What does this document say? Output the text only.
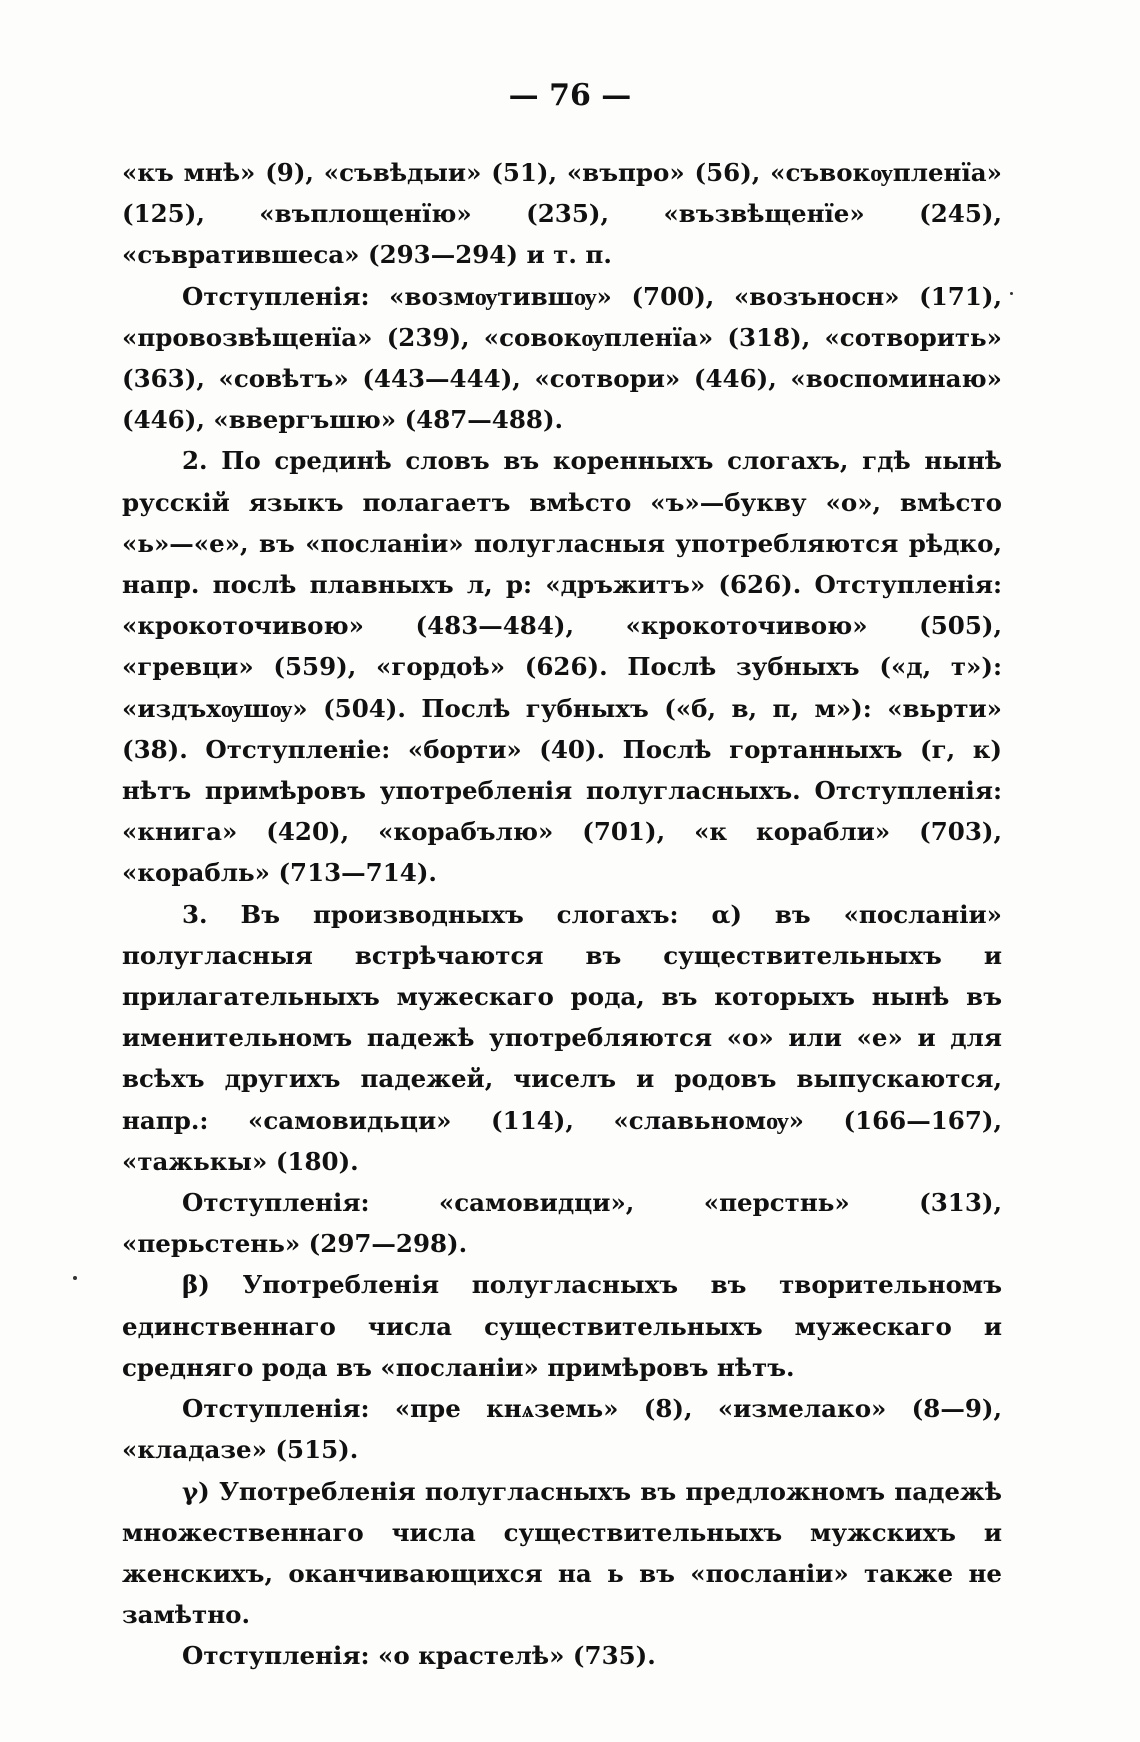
— 76 —

«къ мнѣ» (9), «съвѣдыи» (51), «въпро» (56), «съвокѹпленїа» (125), «въплощенїю» (235), «възвѣщенїе» (245), «съвратившеса» (293—294) и т. п.

Отступленія: «возмѹтившѹ» (700), «возъносн» (171), «провозвѣщенїа» (239), «совокѹпленїа» (318), «сотворить» (363), «совѣтъ» (443—444), «сотвори» (446), «воспоминаю» (446), «ввергъшю» (487—488).

2. По срединѣ словъ въ коренныхъ слогахъ, гдѣ нынѣ русскій языкъ полагаетъ вмѣсто «ъ»—букву «о», вмѣсто «ь»—«е», въ «посланіи» полугласныя употребляются рѣдко, напр. послѣ плавныхъ л, р: «дръжитъ» (626). Отступленія: «крокоточивою» (483—484), «крокоточивою» (505), «гревци» (559), «гордоѣ» (626). Послѣ зубныхъ («д, т»): «издъхѹшѹ» (504). Послѣ губныхъ («б, в, п, м»): «вьрти» (38). Отступленіе: «борти» (40). Послѣ гортанныхъ (г, к) нѣтъ примѣровъ употребленія полугласныхъ. Отступленія: «книга» (420), «корабълю» (701), «к корабли» (703), «корабль» (713—714).

3. Въ производныхъ слогахъ: α) въ «посланіи» полугласныя встрѣчаются въ существительныхъ и прилагательныхъ мужескаго рода, въ которыхъ нынѣ въ именительномъ падежѣ употребляются «о» или «е» и для всѣхъ другихъ падежей, чиселъ и родовъ выпускаются, напр.: «самовидьци» (114), «славьномѹ» (166—167), «тажькы» (180).

Отступленія: «самовидци», «перстнь» (313), «перьстень» (297—298).

β) Употребленія полугласныхъ въ творительномъ единственнаго числа существительныхъ мужескаго и средняго рода въ «посланіи» примѣровъ нѣтъ.

Отступленія: «пре кнѧземь» (8), «измелако» (8—9), «кладазе» (515).

γ) Употребленія полугласныхъ въ предложномъ падежѣ множественнаго числа существительныхъ мужскихъ и женскихъ, оканчивающихся на ь въ «посланіи» также не замѣтно.

Отступленія: «о крастелѣ» (735).
